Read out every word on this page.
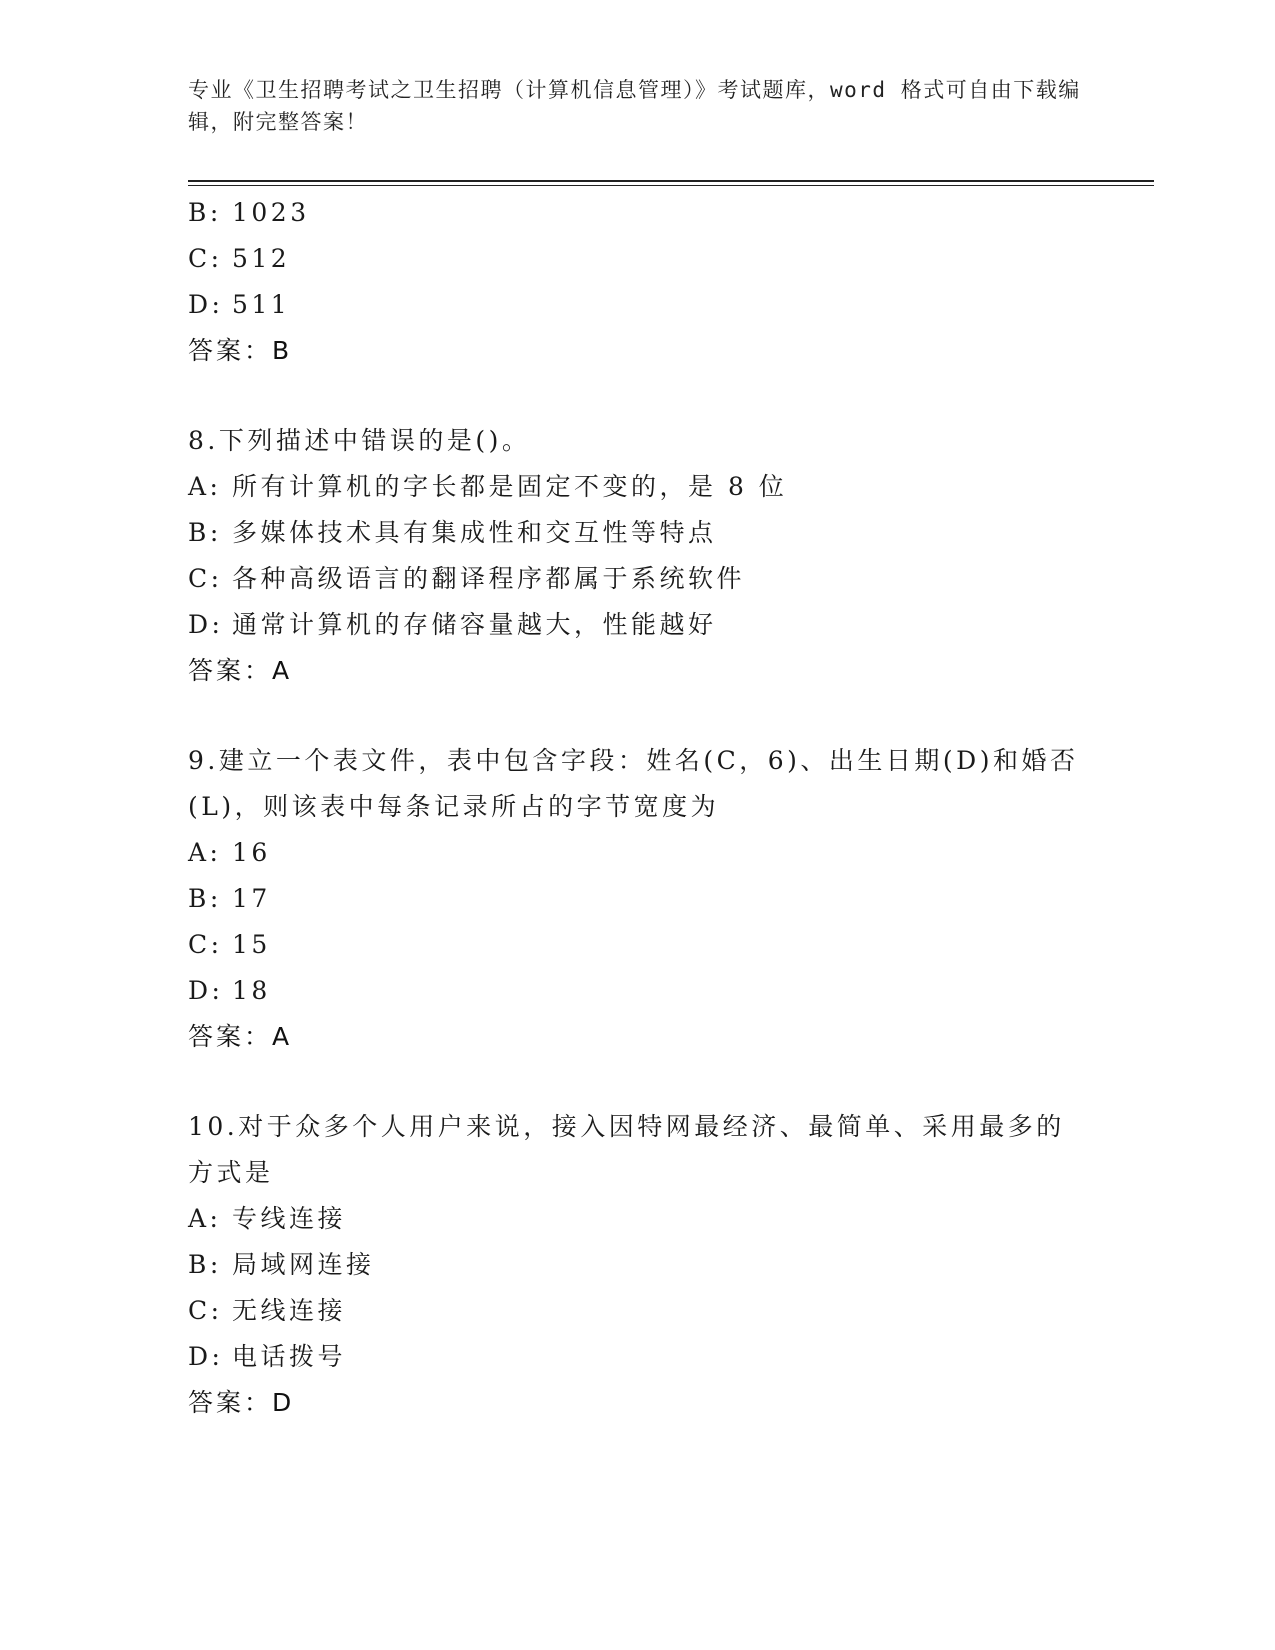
专业《卫生招聘考试之卫生招聘（计算机信息管理）》考试题库，word 格式可自由下载编辑，附完整答案！
B: 1023
C: 512
D: 511
答案：B
8.下列描述中错误的是()。
A: 所有计算机的字长都是固定不变的，是 8 位
B: 多媒体技术具有集成性和交互性等特点
C: 各种高级语言的翻译程序都属于系统软件
D: 通常计算机的存储容量越大，性能越好
答案：A
9.建立一个表文件，表中包含字段：姓名(C，6)、出生日期(D)和婚否(L)，则该表中每条记录所占的字节宽度为
A: 16
B: 17
C: 15
D: 18
答案：A
10.对于众多个人用户来说，接入因特网最经济、最简单、采用最多的方式是
A: 专线连接
B: 局域网连接
C: 无线连接
D: 电话拨号
答案：D
